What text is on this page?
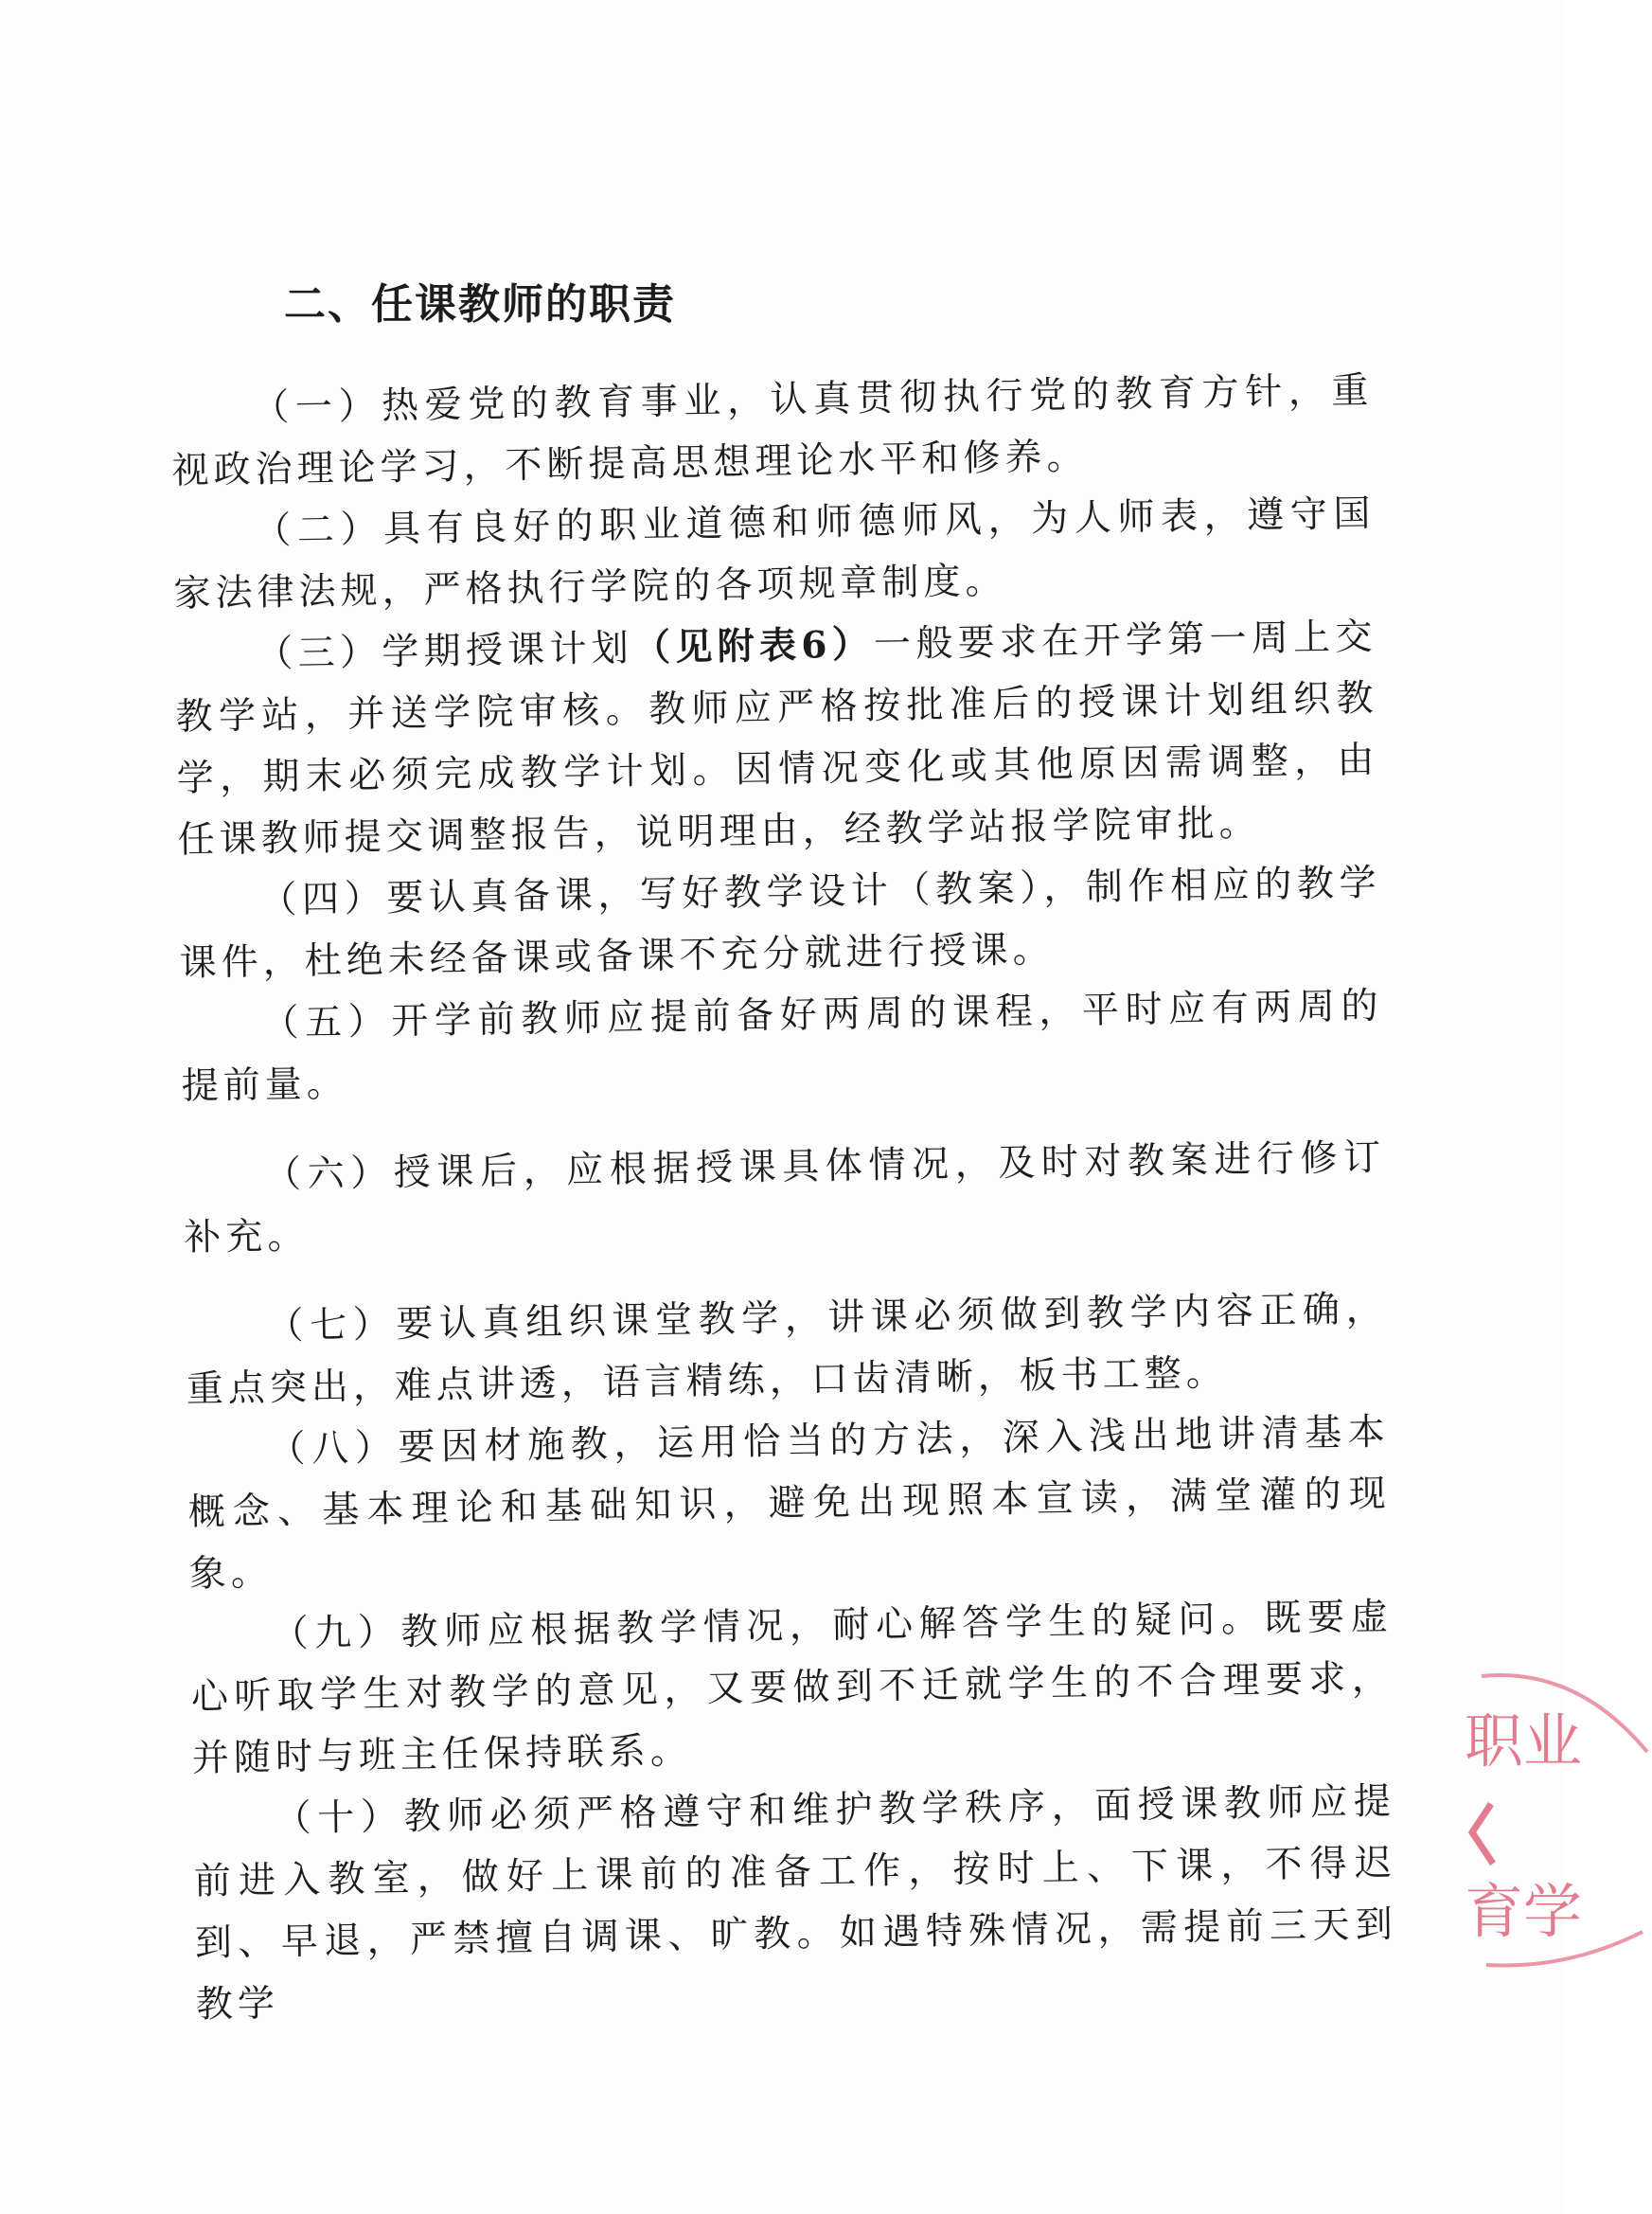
二、任课教师的职责

（一）热爱党的教育事业，认真贯彻执行党的教育方针，重视政治理论学习，不断提高思想理论水平和修养。

（二）具有良好的职业道德和师德师风，为人师表，遵守国家法律法规，严格执行学院的各项规章制度。

（三）学期授课计划（见附表6）一般要求在开学第一周上交教学站，并送学院审核。教师应严格按批准后的授课计划组织教学，期末必须完成教学计划。因情况变化或其他原因需调整，由任课教师提交调整报告，说明理由，经教学站报学院审批。

（四）要认真备课，写好教学设计（教案），制作相应的教学课件，杜绝未经备课或备课不充分就进行授课。

（五）开学前教师应提前备好两周的课程，平时应有两周的提前量。

（六）授课后，应根据授课具体情况，及时对教案进行修订补充。

（七）要认真组织课堂教学，讲课必须做到教学内容正确，重点突出，难点讲透，语言精练，口齿清晰，板书工整。

（八）要因材施教，运用恰当的方法，深入浅出地讲清基本概念、基本理论和基础知识，避免出现照本宣读，满堂灌的现象。

（九）教师应根据教学情况，耐心解答学生的疑问。既要虚心听取学生对教学的意见，又要做到不迁就学生的不合理要求，并随时与班主任保持联系。

（十）教师必须严格遵守和维护教学秩序，面授课教师应提前进入教室，做好上课前的准备工作，按时上、下课，不得迟到、早退，严禁擅自调课、旷教。如遇特殊情况，需提前三天到教学

职业
育学
